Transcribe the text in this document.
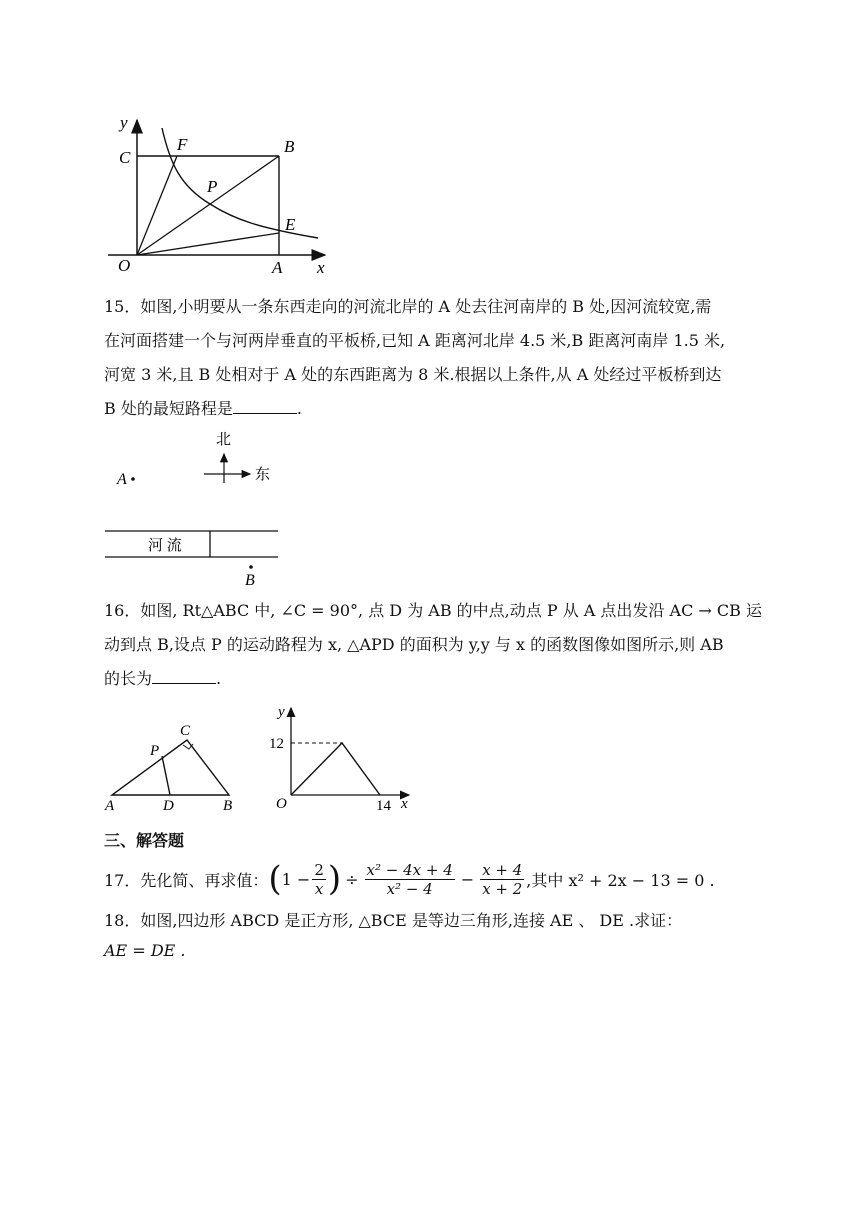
y
x
O
C
F	B
P
E
A
15．如图,小明要从一条东西走向的河流北岸的 A 处去往河南岸的 B 处,因河流较宽,需
在河面搭建一个与河两岸垂直的平板桥,已知 A 距离河北岸 4.5 米,B 距离河南岸 1.5 米,
河宽 3 米,且 B 处相对于 A 处的东西距离为 8 米.根据以上条件,从 A 处经过平板桥到达
B 处的最短路程是	.
北
东
A
河 流
B
16．如图, Rt△ABC 中, ∠C = 90°, 点 D 为 AB 的中点,动点 P 从 A 点出发沿 AC → CB 运
动到点 B,设点 P 的运动路程为 x, △APD 的面积为 y,y 与 x 的函数图像如图所示,则 AB
的长为	.
A	D	B
C
P
y
12
O	14 x
三、解答题
17． 先化简、再求值： ( $1 - \frac{2}{x}$ ) ÷ $\frac{\text{x² − 4x + 4}}{\text{x² − 4}} - \frac{x + 4}{x + 2}$ ,其中 x² + 2x − 13 = 0 .
18．如图,四边形 ABCD 是正方形, △BCE 是等边三角形,连接 AE 、 DE .求证：
AE = DE .
